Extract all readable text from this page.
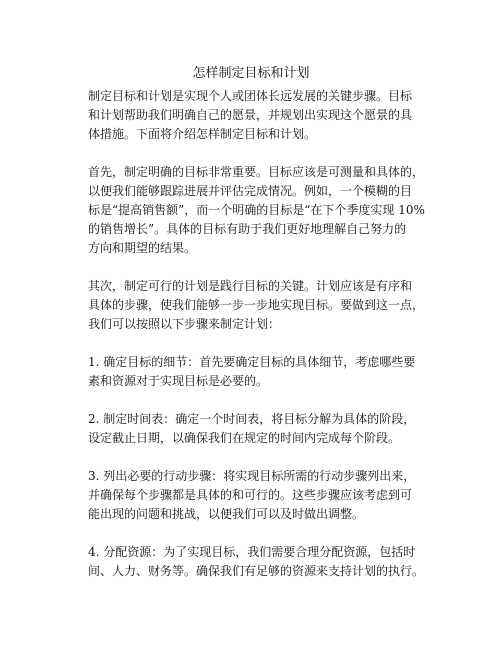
怎样制定目标和计划
制定目标和计划是实现个人或团体长远发展的关键步骤。目标
和计划帮助我们明确自己的愿景，并规划出实现这个愿景的具
体措施。下面将介绍怎样制定目标和计划。
首先，制定明确的目标非常重要。目标应该是可测量和具体的，
以便我们能够跟踪进展并评估完成情况。例如，一个模糊的目
标是“提高销售额”，而一个明确的目标是“在下个季度实现 10%
的销售增长”。具体的目标有助于我们更好地理解自己努力的
方向和期望的结果。
其次，制定可行的计划是践行目标的关键。计划应该是有序和
具体的步骤，使我们能够一步一步地实现目标。要做到这一点，
我们可以按照以下步骤来制定计划：
1. 确定目标的细节：首先要确定目标的具体细节，考虑哪些要
素和资源对于实现目标是必要的。
2. 制定时间表：确定一个时间表，将目标分解为具体的阶段，
设定截止日期，以确保我们在规定的时间内完成每个阶段。
3. 列出必要的行动步骤：将实现目标所需的行动步骤列出来，
并确保每个步骤都是具体的和可行的。这些步骤应该考虑到可
能出现的问题和挑战，以便我们可以及时做出调整。
4. 分配资源：为了实现目标，我们需要合理分配资源，包括时
间、人力、财务等。确保我们有足够的资源来支持计划的执行。
